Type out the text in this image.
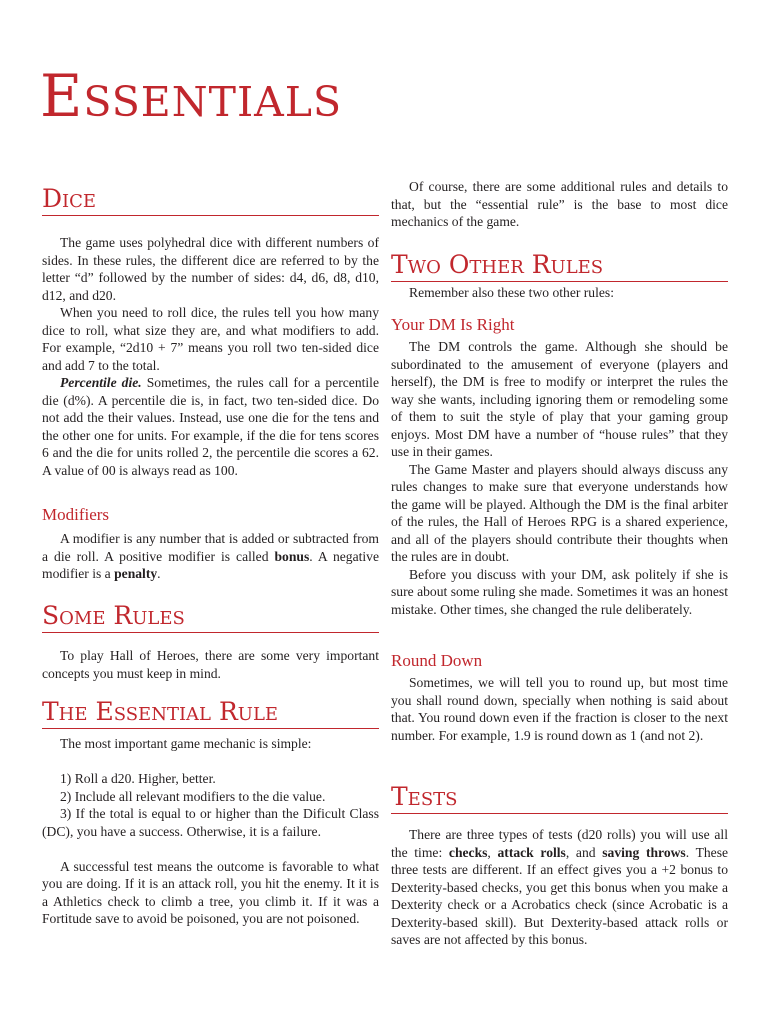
Essentials
Dice

The game uses polyhedral dice with different numbers of sides. In these rules, the different dice are referred to by the letter “d” followed by the number of sides: d4, d6, d8, d10, d12, and d20.

When you need to roll dice, the rules tell you how many dice to roll, what size they are, and what modifiers to add. For example, “2d10 + 7” means you roll two ten-sided dice and add 7 to the total.

Percentile die. Sometimes, the rules call for a percentile die (d%). A percentile die is, in fact, two ten-sided dice. Do not add the their values. Instead, use one die for the tens and the other one for units. For example, if the die for tens scores 6 and the die for units rolled 2, the percentile die scores a 62. A value of 00 is always read as 100.

Modifiers

A modifier is any number that is added or subtracted from a die roll. A positive modifier is called bonus. A negative modifier is a penalty.

Some Rules

To play Hall of Heroes, there are some very important concepts you must keep in mind.

The Essential Rule

The most important game mechanic is simple:

1) Roll a d20. Higher, better.
2) Include all relevant modifiers to the die value.
3) If the total is equal to or higher than the Dificult Class (DC), you have a success. Otherwise, it is a failure.

A successful test means the outcome is favorable to what you are doing. If it is an attack roll, you hit the enemy. It it is a Athletics check to climb a tree, you climb it. If it was a Fortitude save to avoid be poisoned, you are not poisoned.

Of course, there are some additional rules and details to that, but the “essential rule” is the base to most dice mechanics of the game.

Two Other Rules

Remember also these two other rules:

Your DM Is Right

The DM controls the game. Although she should be subordinated to the amusement of everyone (players and herself), the DM is free to modify or interpret the rules the way she wants, including ignoring them or remodeling some of them to suit the style of play that your gaming group enjoys. Most DM have a number of “house rules” that they use in their games.

The Game Master and players should always discuss any rules changes to make sure that everyone understands how the game will be played. Although the DM is the final arbiter of the rules, the Hall of Heroes RPG is a shared experience, and all of the players should contribute their thoughts when the rules are in doubt.

Before you discuss with your DM, ask politely if she is sure about some ruling she made. Sometimes it was an honest mistake. Other times, she changed the rule deliberately.

Round Down

Sometimes, we will tell you to round up, but most time you shall round down, specially when nothing is said about that. You round down even if the fraction is closer to the next number. For example, 1.9 is round down as 1 (and not 2).

Tests

There are three types of tests (d20 rolls) you will use all the time: checks, attack rolls, and saving throws. These three tests are different. If an effect gives you a +2 bonus to Dexterity-based checks, you get this bonus when you make a Dexterity check or a Acrobatics check (since Acrobatic is a Dexterity-based skill). But Dexterity-based attack rolls or saves are not affected by this bonus.
